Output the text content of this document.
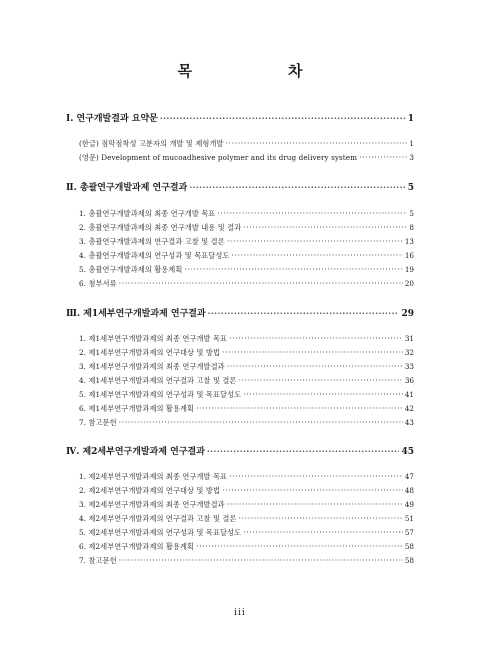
목　　차
Ⅰ. 연구개발결과 요약문 ·····	1
(한글) 점막점착성 고분자의 개발 및 제형개발 ·····	1
(영문) Development of mucoadhesive polymer and its drug delivery system ·····	3
Ⅱ. 총괄연구개발과제 연구결과 ·····	5
1. 총괄연구개발과제의 최종 연구개발 목표 ·····	5
2. 총괄연구개발과제의 최종 연구개발 내용 및 결과 ·····	8
3. 총괄연구개발과제의 연구결과 고찰 및 결론 ·····	13
4. 총괄연구개발과제의 연구성과 및 목표달성도 ·····	16
5. 총괄연구개발과제의 활용계획 ·····	19
6. 첨부서류 ·····	20
Ⅲ. 제1세부연구개발과제 연구결과 ·····	29
1. 제1세부연구개발과제의 최종 연구개발 목표 ·····	31
2. 제1세부연구개발과제의 연구대상 및 방법 ·····	32
3. 제1세부연구개발과제의 최종 연구개발결과 ·····	33
4. 제1세부연구개발과제의 연구결과 고찰 및 결론 ·····	36
5. 제1세부연구개발과제의 연구성과 및 목표달성도 ·····	41
6. 제1세부연구개발과제의 활용계획 ·····	42
7. 참고문헌 ·····	43
Ⅳ. 제2세부연구개발과제 연구결과 ·····	45
1. 제2세부연구개발과제의 최종 연구개발 목표 ·····	47
2. 제2세부연구개발과제의 연구대상 및 방법 ·····	48
3. 제2세부연구개발과제의 최종 연구개발결과 ·····	49
4. 제2세부연구개발과제의 연구결과 고찰 및 결론 ·····	51
5. 제2세부연구개발과제의 연구성과 및 목표달성도 ·····	57
6. 제2세부연구개발과제의 활용계획 ·····	58
7. 참고문헌 ·····	58
iii
